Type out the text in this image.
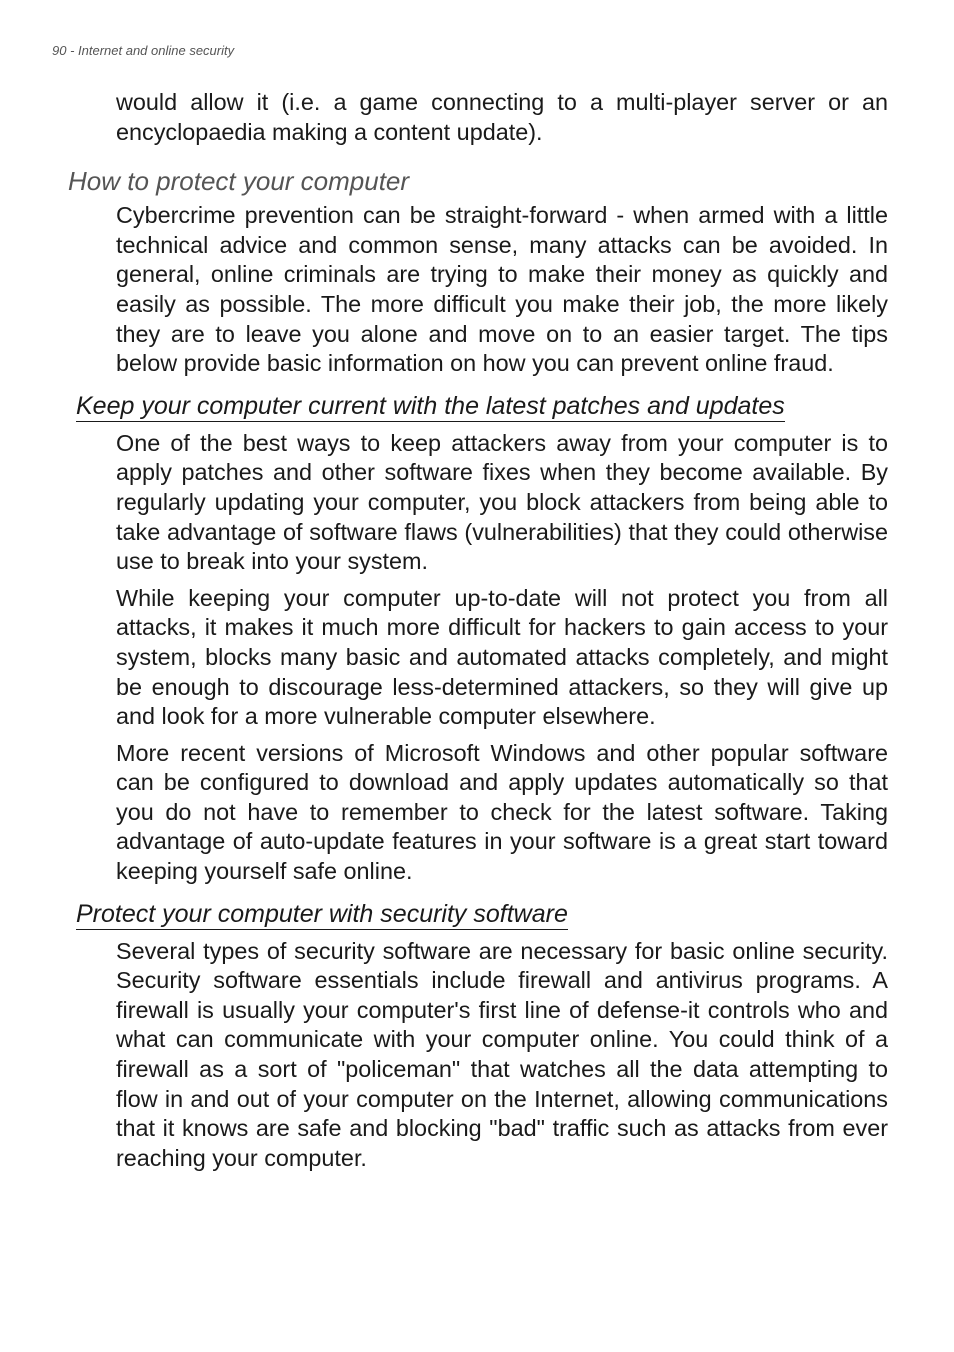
90 - Internet and online security

would allow it (i.e. a game connecting to a multi-player server or an encyclopaedia making a content update).

How to protect your computer

Cybercrime prevention can be straight-forward - when armed with a little technical advice and common sense, many attacks can be avoided. In general, online criminals are trying to make their money as quickly and easily as possible. The more difficult you make their job, the more likely they are to leave you alone and move on to an easier target. The tips below provide basic information on how you can prevent online fraud.

Keep your computer current with the latest patches and updates

One of the best ways to keep attackers away from your computer is to apply patches and other software fixes when they become available. By regularly updating your computer, you block attackers from being able to take advantage of software flaws (vulnerabilities) that they could otherwise use to break into your system.

While keeping your computer up-to-date will not protect you from all attacks, it makes it much more difficult for hackers to gain access to your system, blocks many basic and automated attacks completely, and might be enough to discourage less-determined attackers, so they will give up and look for a more vulnerable computer elsewhere.

More recent versions of Microsoft Windows and other popular software can be configured to download and apply updates automatically so that you do not have to remember to check for the latest software. Taking advantage of auto-update features in your software is a great start toward keeping yourself safe online.

Protect your computer with security software

Several types of security software are necessary for basic online security. Security software essentials include firewall and antivirus programs. A firewall is usually your computer's first line of defense-it controls who and what can communicate with your computer online. You could think of a firewall as a sort of "policeman" that watches all the data attempting to flow in and out of your computer on the Internet, allowing communications that it knows are safe and blocking "bad" traffic such as attacks from ever reaching your computer.
